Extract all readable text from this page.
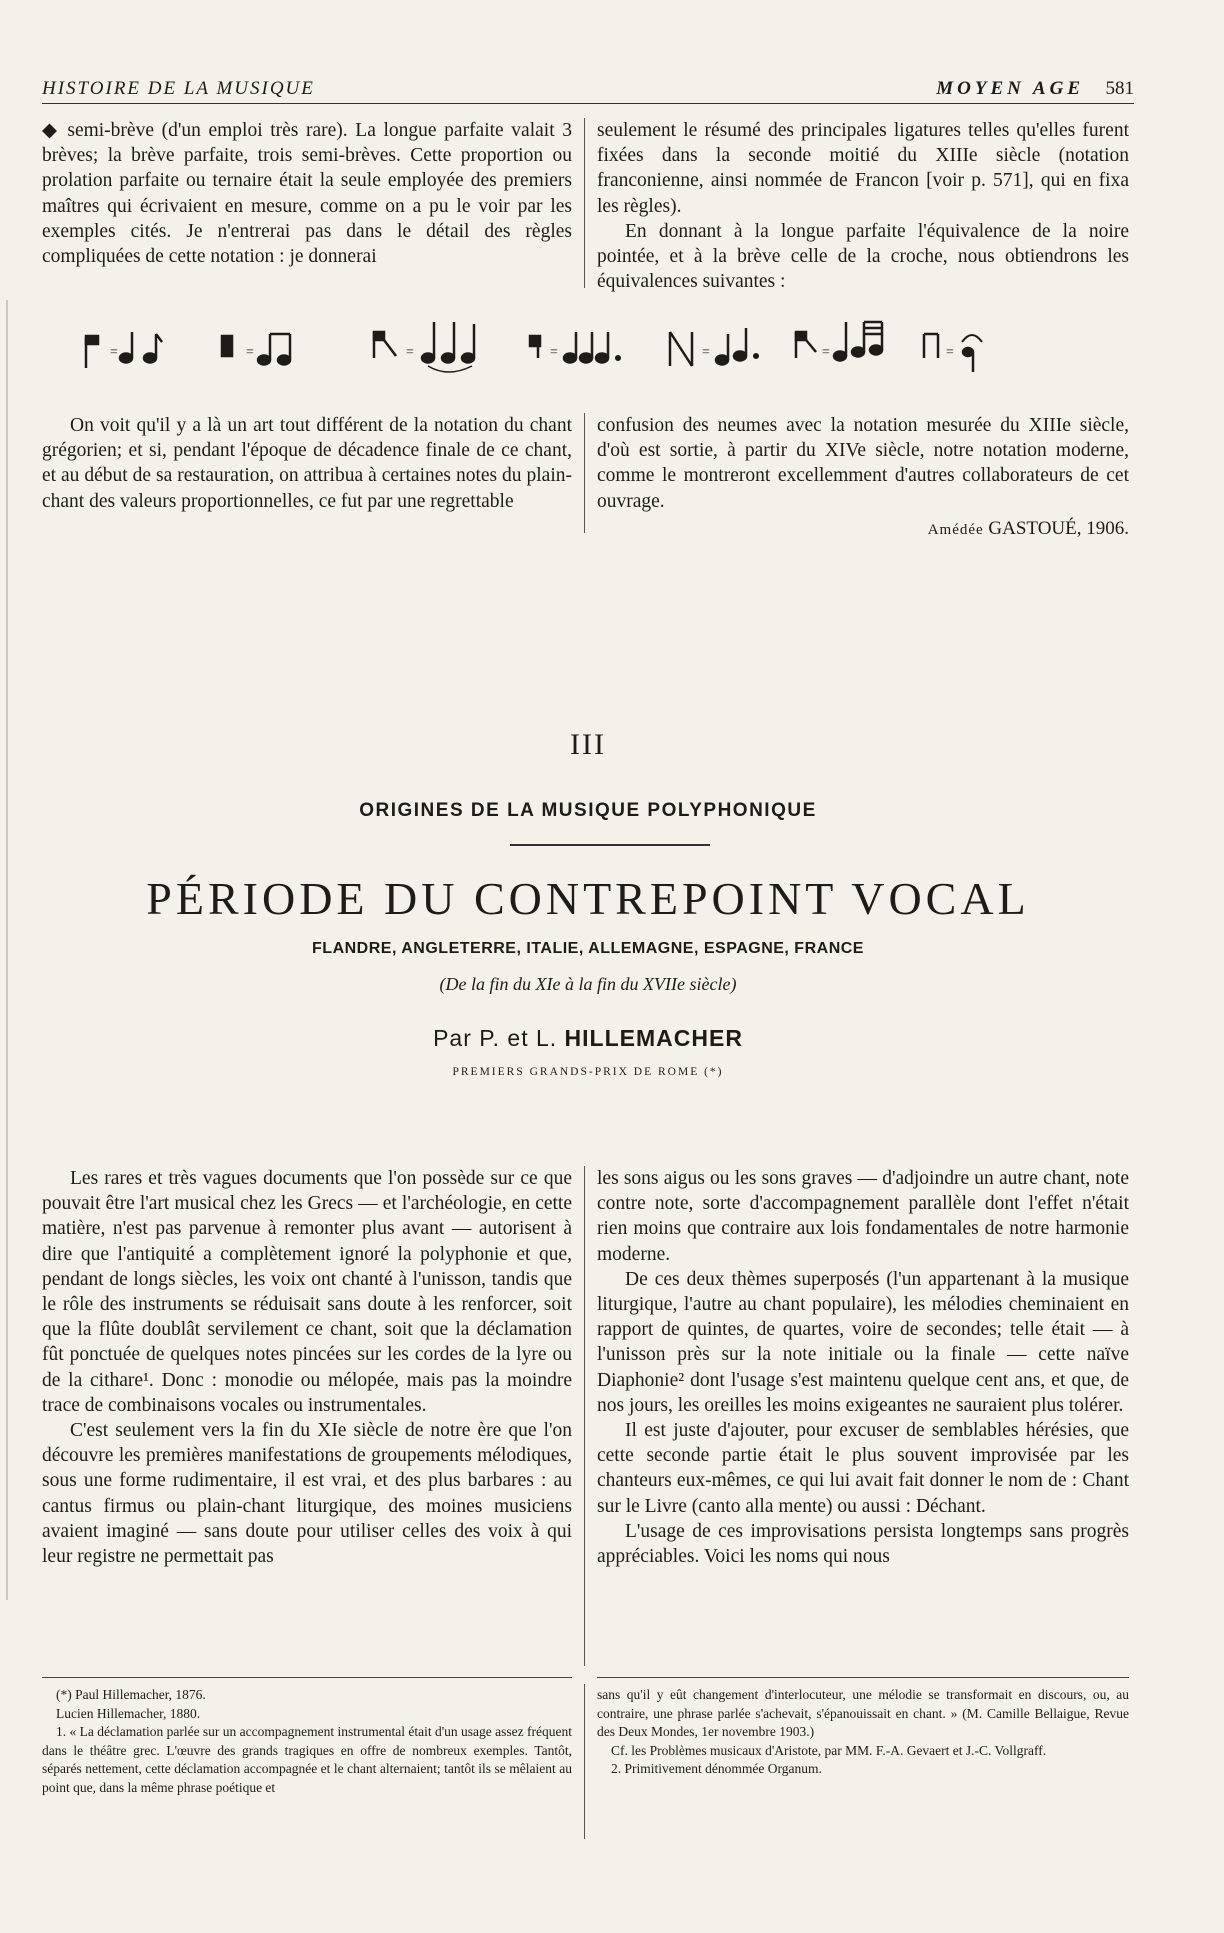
HISTOIRE DE LA MUSIQUE	MOYEN AGE 581

◆ semi-brève (d'un emploi très rare). La longue parfaite valait 3 brèves; la brève parfaite, trois semi-brèves. Cette proportion ou prolation parfaite ou ternaire était la seule employée des premiers maîtres qui écrivaient en mesure, comme on a pu le voir par les exemples cités. Je n'entrerai pas dans le détail des règles compliquées de cette notation : je donnerai

seulement le résumé des principales ligatures telles qu'elles furent fixées dans la seconde moitié du XIIIe siècle (notation franconienne, ainsi nommée de Francon [voir p. 571], qui en fixa les règles).

En donnant à la longue parfaite l'équivalence de la noire pointée, et à la brève celle de la croche, nous obtiendrons les équivalences suivantes :

=	=	=	=	=	=	=

On voit qu'il y a là un art tout différent de la notation du chant grégorien; et si, pendant l'époque de décadence finale de ce chant, et au début de sa restauration, on attribua à certaines notes du plain-chant des valeurs proportionnelles, ce fut par une regrettable

confusion des neumes avec la notation mesurée du XIIIe siècle, d'où est sortie, à partir du XIVe siècle, notre notation moderne, comme le montreront excellemment d'autres collaborateurs de cet ouvrage.

Amédée GASTOUÉ, 1906.
III
ORIGINES DE LA MUSIQUE POLYPHONIQUE
PÉRIODE DU CONTREPOINT VOCAL
FLANDRE, ANGLETERRE, ITALIE, ALLEMAGNE, ESPAGNE, FRANCE
(De la fin du XIe à la fin du XVIIe siècle)
Par P. et L. HILLEMACHER
PREMIERS GRANDS-PRIX DE ROME (*)

Les rares et très vagues documents que l'on possède sur ce que pouvait être l'art musical chez les Grecs — et l'archéologie, en cette matière, n'est pas parvenue à remonter plus avant — autorisent à dire que l'antiquité a complètement ignoré la polyphonie et que, pendant de longs siècles, les voix ont chanté à l'unisson, tandis que le rôle des instruments se réduisait sans doute à les renforcer, soit que la flûte doublât servilement ce chant, soit que la déclamation fût ponctuée de quelques notes pincées sur les cordes de la lyre ou de la cithare¹. Donc : monodie ou mélopée, mais pas la moindre trace de combinaisons vocales ou instrumentales.

C'est seulement vers la fin du XIe siècle de notre ère que l'on découvre les premières manifestations de groupements mélodiques, sous une forme rudimentaire, il est vrai, et des plus barbares : au cantus firmus ou plain-chant liturgique, des moines musiciens avaient imaginé — sans doute pour utiliser celles des voix à qui leur registre ne permettait pas

les sons aigus ou les sons graves — d'adjoindre un autre chant, note contre note, sorte d'accompagnement parallèle dont l'effet n'était rien moins que contraire aux lois fondamentales de notre harmonie moderne.

De ces deux thèmes superposés (l'un appartenant à la musique liturgique, l'autre au chant populaire), les mélodies cheminaient en rapport de quintes, de quartes, voire de secondes; telle était — à l'unisson près sur la note initiale ou la finale — cette naïve Diaphonie² dont l'usage s'est maintenu quelque cent ans, et que, de nos jours, les oreilles les moins exigeantes ne sauraient plus tolérer.

Il est juste d'ajouter, pour excuser de semblables hérésies, que cette seconde partie était le plus souvent improvisée par les chanteurs eux-mêmes, ce qui lui avait fait donner le nom de : Chant sur le Livre (canto alla mente) ou aussi : Déchant.

L'usage de ces improvisations persista longtemps sans progrès appréciables. Voici les noms qui nous

(*) Paul Hillemacher, 1876.

Lucien Hillemacher, 1880.

1. « La déclamation parlée sur un accompagnement instrumental était d'un usage assez fréquent dans le théâtre grec. L'œuvre des grands tragiques en offre de nombreux exemples. Tantôt, séparés nettement, cette déclamation accompagnée et le chant alternaient; tantôt ils se mêlaient au point que, dans la même phrase poétique et

sans qu'il y eût changement d'interlocuteur, une mélodie se transformait en discours, ou, au contraire, une phrase parlée s'achevait, s'épanouissait en chant. » (M. Camille Bellaigue, Revue des Deux Mondes, 1er novembre 1903.)

Cf. les Problèmes musicaux d'Aristote, par MM. F.-A. Gevaert et J.-C. Vollgraff.

2. Primitivement dénommée Organum.
